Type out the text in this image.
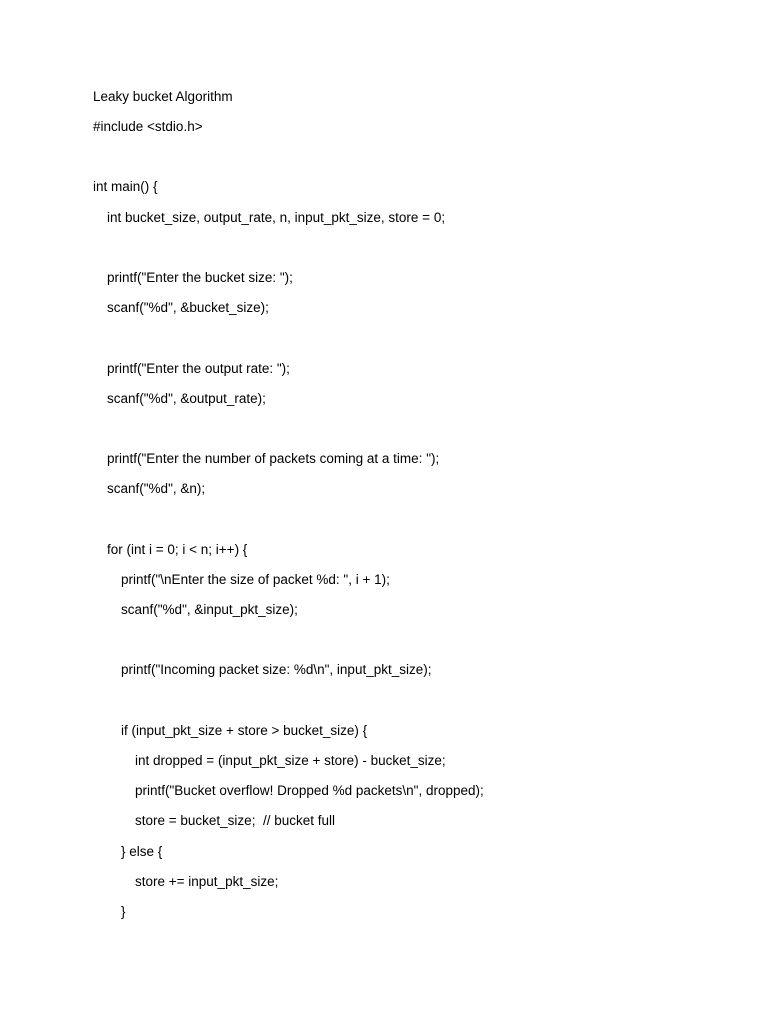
Leaky bucket Algorithm
#include <stdio.h>
int main() {
int bucket_size, output_rate, n, input_pkt_size, store = 0;
printf("Enter the bucket size: ");
scanf("%d", &bucket_size);
printf("Enter the output rate: ");
scanf("%d", &output_rate);
printf("Enter the number of packets coming at a time: ");
scanf("%d", &n);
for (int i = 0; i < n; i++) {
printf("\nEnter the size of packet %d: ", i + 1);
scanf("%d", &input_pkt_size);
printf("Incoming packet size: %d\n", input_pkt_size);
if (input_pkt_size + store > bucket_size) {
int dropped = (input_pkt_size + store) - bucket_size;
printf("Bucket overflow! Dropped %d packets\n", dropped);
store = bucket_size;  // bucket full
} else {
store += input_pkt_size;
}
